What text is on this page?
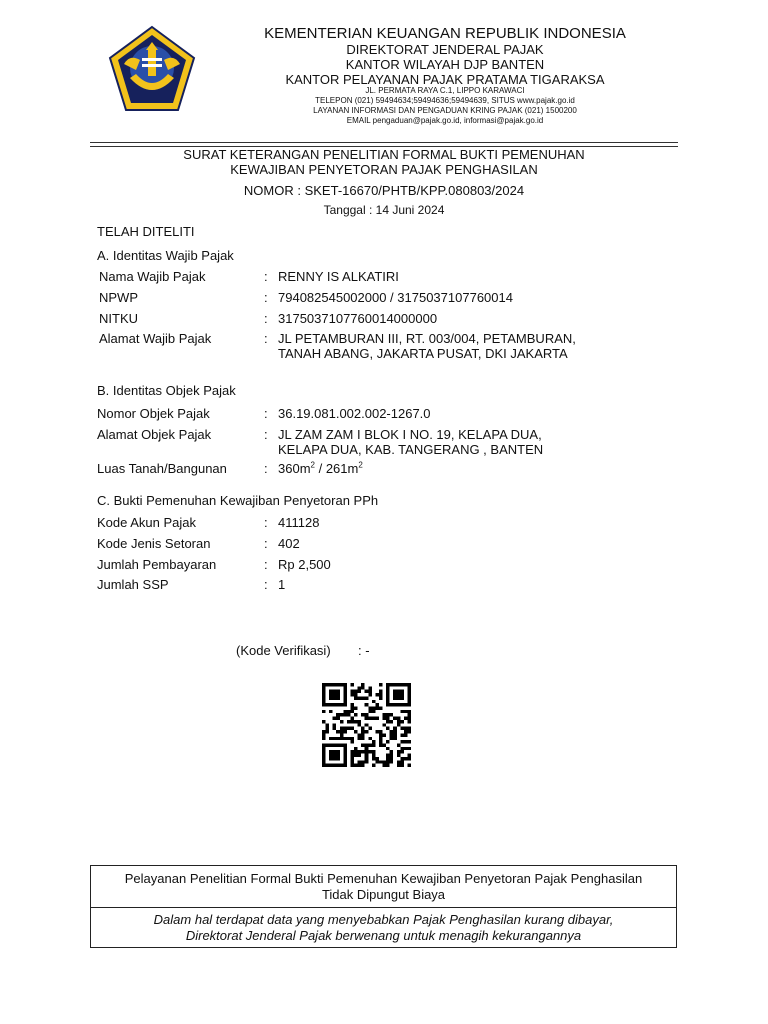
KEMENTERIAN KEUANGAN REPUBLIK INDONESIA
DIREKTORAT JENDERAL PAJAK
KANTOR WILAYAH DJP BANTEN
KANTOR PELAYANAN PAJAK PRATAMA TIGARAKSA
JL. PERMATA RAYA C.1, LIPPO KARAWACI
TELEPON (021) 59494634;59494636;59494639, SITUS www.pajak.go.id
LAYANAN INFORMASI DAN PENGADUAN KRING PAJAK (021) 1500200
EMAIL pengaduan@pajak.go.id, informasi@pajak.go.id
SURAT KETERANGAN PENELITIAN FORMAL BUKTI PEMENUHAN
KEWAJIBAN PENYETORAN PAJAK PENGHASILAN
NOMOR : SKET-16670/PHTB/KPP.080803/2024
Tanggal : 14 Juni 2024
TELAH DITELITI
A. Identitas Wajib Pajak
Nama Wajib Pajak	: RENNY IS ALKATIRI
NPWP	: 794082545002000 / 3175037107760014
NITKU	: 3175037107760014000000
Alamat Wajib Pajak	: JL PETAMBURAN III, RT. 003/004, PETAMBURAN,
TANAH ABANG, JAKARTA PUSAT, DKI JAKARTA
B. Identitas Objek Pajak
Nomor Objek Pajak	: 36.19.081.002.002-1267.0
Alamat Objek Pajak	: JL ZAM ZAM I BLOK I NO. 19, KELAPA DUA,
KELAPA DUA, KAB. TANGERANG , BANTEN
Luas Tanah/Bangunan	: $360m^2 / 261m^2$
C. Bukti Pemenuhan Kewajiban Penyetoran PPh
Kode Akun Pajak	: 411128
Kode Jenis Setoran	: 402
Jumlah Pembayaran	: Rp 2,500
Jumlah SSP	: 1
(Kode Verifikasi) : -
Pelayanan Penelitian Formal Bukti Pemenuhan Kewajiban Penyetoran Pajak Penghasilan
Tidak Dipungut Biaya
Dalam hal terdapat data yang menyebabkan Pajak Penghasilan kurang dibayar,
Direktorat Jenderal Pajak berwenang untuk menagih kekurangannya
